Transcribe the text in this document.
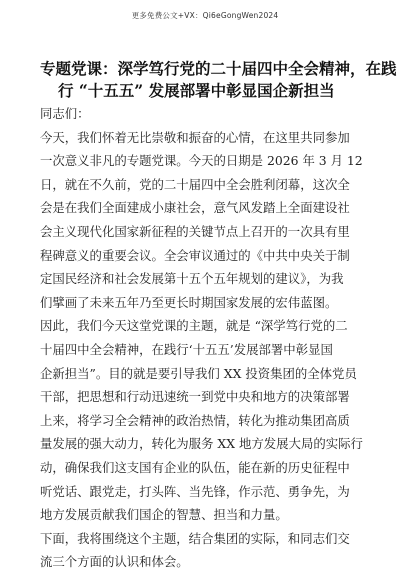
更多免费公文+VX：Qi6eGongWen2024
专题党课：深学笃行党的二十届四中全会精神，在践
行 “十五五” 发展部署中彰显国企新担当

同志们：

今天，我们怀着无比崇敬和振奋的心情，在这里共同参加

一次意义非凡的专题党课。今天的日期是 2026 年 3 月 12

日，就在不久前，党的二十届四中全会胜利闭幕，这次全

会是在我们全面建成小康社会，意气风发踏上全面建设社

会主义现代化国家新征程的关键节点上召开的一次具有里

程碑意义的重要会议。全会审议通过的《中共中央关于制

定国民经济和社会发展第十五个五年规划的建议》，为我

们擘画了未来五年乃至更长时期国家发展的宏伟蓝图。

因此，我们今天这堂党课的主题，就是 “深学笃行党的二

十届四中全会精神，在践行‘十五五’发展部署中彰显国

企新担当”。目的就是要引导我们 XX 投资集团的全体党员

干部，把思想和行动迅速统一到党中央和地方的决策部署

上来，将学习全会精神的政治热情，转化为推动集团高质

量发展的强大动力，转化为服务 XX 地方发展大局的实际行

动，确保我们这支国有企业的队伍，能在新的历史征程中

听党话、跟党走，打头阵、当先锋，作示范、勇争先，为

地方发展贡献我们国企的智慧、担当和力量。

下面，我将围绕这个主题，结合集团的实际，和同志们交

流三个方面的认识和体会。
